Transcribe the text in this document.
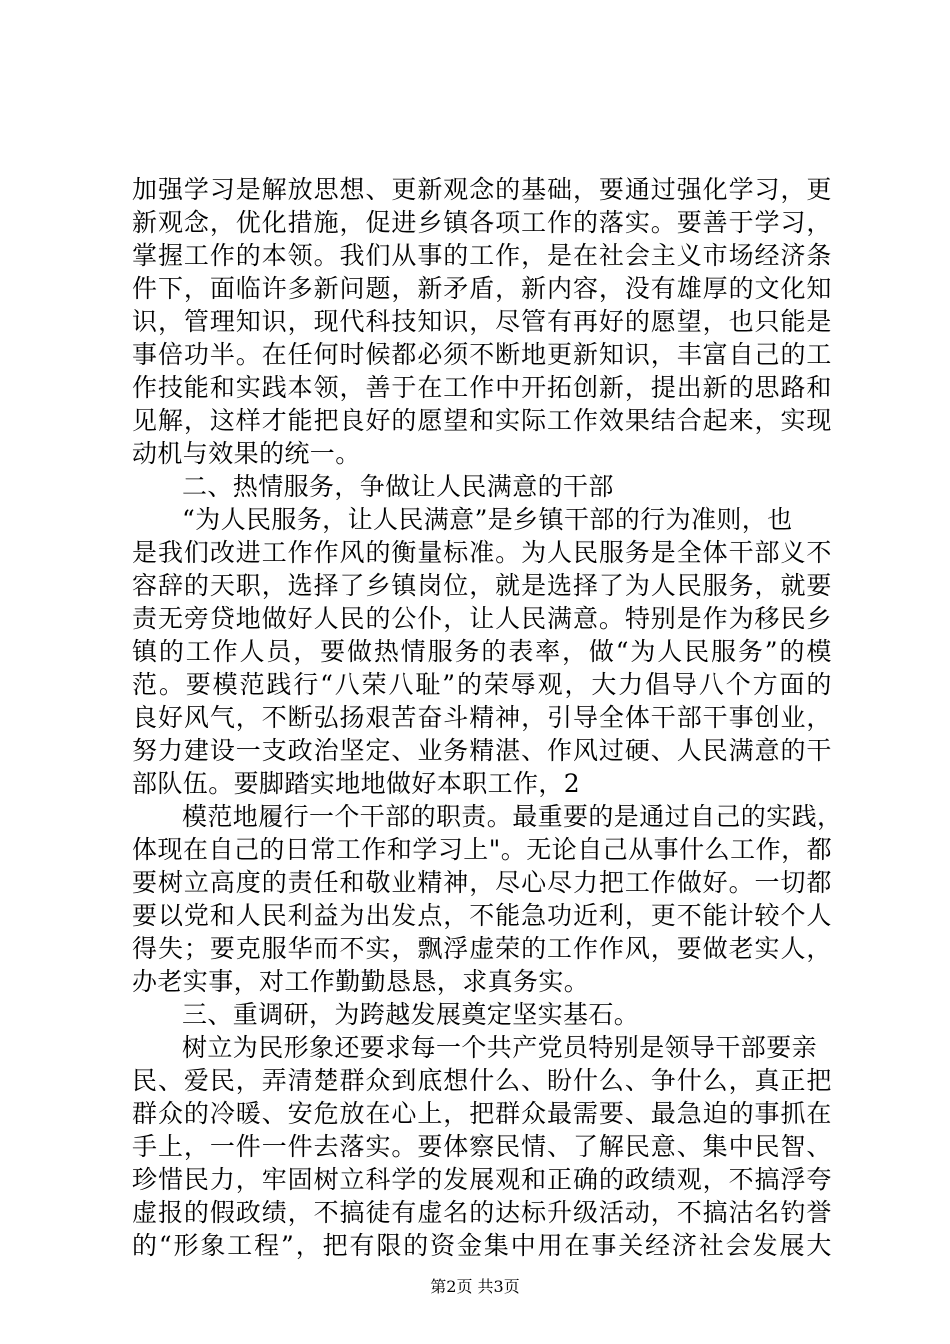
加 强 学 习 是 解 放 思 想 、 更 新 观 念 的 基 础 ， 要 通 过 强 化 学 习 ， 更
新 观 念 ， 优 化 措 施 ， 促 进 乡 镇 各 项 工 作 的 落 实 。 要 善 于 学 习 ，
掌 握 工 作 的 本 领 。 我 们 从 事 的 工 作 ， 是 在 社 会 主 义 市 场 经 济 条
件 下 ， 面 临 许 多 新 问 题 ， 新 矛 盾 ， 新 内 容 ， 没 有 雄 厚 的 文 化 知
识 ， 管 理 知 识 ， 现 代 科 技 知 识 ， 尽 管 有 再 好 的 愿 望 ， 也 只 能 是
事 倍 功 半 。 在 任 何 时 候 都 必 须 不 断 地 更 新 知 识 ， 丰 富 自 己 的 工
作 技 能 和 实 践 本 领 ， 善 于 在 工 作 中 开 拓 创 新 ， 提 出 新 的 思 路 和
见 解 ， 这 样 才 能 把 良 好 的 愿 望 和 实 际 工 作 效 果 结 合 起 来 ， 实 现
动机与效果的统一。
二、热情服务，争做让人民满意的干部
“为人民服务，让人民满意”是乡镇干部的行为准则，也
是 我 们 改 进 工 作 作 风 的 衡 量 标 准 。 为 人 民 服 务 是 全 体 干 部 义 不
容 辞 的 天 职 ， 选 择 了 乡 镇 岗 位 ， 就 是 选 择 了 为 人 民 服 务 ， 就 要
责 无 旁 贷 地 做 好 人 民 的 公 仆 ， 让 人 民 满 意 。 特 别 是 作 为 移 民 乡
镇 的 工 作 人 员 ， 要 做 热 情 服 务 的 表 率 ， 做 “ 为 人 民 服 务 ” 的 模
范 。 要 模 范 践 行 “ 八 荣 八 耻 ” 的 荣 辱 观 ， 大 力 倡 导 八 个 方 面 的
良 好 风 气 ， 不 断 弘 扬 艰 苦 奋 斗 精 神 ， 引 导 全 体 干 部 干 事 创 业 ，
努 力 建 设 一 支 政 治 坚 定 、 业 务 精 湛 、 作 风 过 硬 、 人 民 满 意 的 干
部队伍。要脚踏实地地做好本职工作，2
模范地履行一个干部的职责。最重要的是通过自己的实践，
体 现 在 自 己 的 日 常 工 作 和 学 习 上 " 。 无 论 自 己 从 事 什 么 工 作 ， 都
要 树 立 高 度 的 责 任 和 敬 业 精 神 ， 尽 心 尽 力 把 工 作 做 好 。 一 切 都
要 以 党 和 人 民 利 益 为 出 发 点 ， 不 能 急 功 近 利 ， 更 不 能 计 较 个 人
得 失 ； 要 克 服 华 而 不 实 ， 飘 浮 虚 荣 的 工 作 作 风 ， 要 做 老 实 人 ，
办老实事，对工作勤勤恳恳，求真务实。
三、重调研，为跨越发展奠定坚实基石。
树立为民形象还要求每一个共产党员特别是领导干部要亲
民 、 爱 民 ， 弄 清 楚 群 众 到 底 想 什 么 、 盼 什 么 、 争 什 么 ， 真 正 把
群 众 的 冷 暖 、 安 危 放 在 心 上 ， 把 群 众 最 需 要 、 最 急 迫 的 事 抓 在
手 上 ， 一 件 一 件 去 落 实 。 要 体 察 民 情 、 了 解 民 意 、 集 中 民 智 、
珍 惜 民 力 ， 牢 固 树 立 科 学 的 发 展 观 和 正 确 的 政 绩 观 ， 不 搞 浮 夸
虚 报 的 假 政 绩 ， 不 搞 徒 有 虚 名 的 达 标 升 级 活 动 ， 不 搞 沽 名 钓 誉
的 “ 形 象 工 程 ” ， 把 有 限 的 资 金 集 中 用 在 事 关 经 济 社 会 发 展 大
第2页 共3页
